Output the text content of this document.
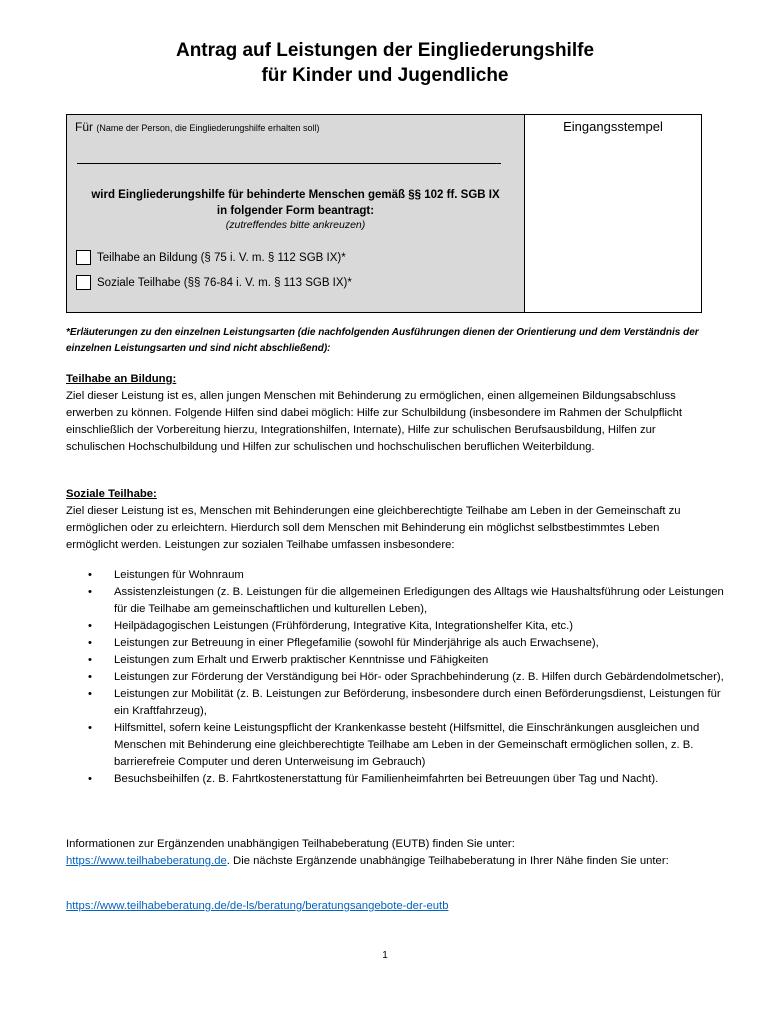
Antrag auf Leistungen der Eingliederungshilfe
für Kinder und Jugendliche
Für (Name der Person, die Eingliederungshilfe erhalten soll)
wird Eingliederungshilfe für behinderte Menschen gemäß §§ 102 ff. SGB IX
in folgender Form beantragt:
(zutreffendes bitte ankreuzen)
Teilhabe an Bildung (§ 75 i. V. m. § 112 SGB IX)*
Soziale Teilhabe (§§ 76-84 i. V. m. § 113 SGB IX)*
Eingangsstempel
*Erläuterungen zu den einzelnen Leistungsarten (die nachfolgenden Ausführungen dienen der Orientierung und dem Verständnis der einzelnen Leistungsarten und sind nicht abschließend):
Teilhabe an Bildung:
Ziel dieser Leistung ist es, allen jungen Menschen mit Behinderung zu ermöglichen, einen allgemeinen Bildungsabschluss erwerben zu können. Folgende Hilfen sind dabei möglich: Hilfe zur Schulbildung (insbesondere im Rahmen der Schulpflicht einschließlich der Vorbereitung hierzu, Integrationshilfen, Internate), Hilfe zur schulischen Berufsausbildung, Hilfen zur schulischen Hochschulbildung und Hilfen zur schulischen und hochschulischen beruflichen Weiterbildung.
Soziale Teilhabe:
Ziel dieser Leistung ist es, Menschen mit Behinderungen eine gleichberechtigte Teilhabe am Leben in der Gemeinschaft zu ermöglichen oder zu erleichtern. Hierdurch soll dem Menschen mit Behinderung ein möglichst selbstbestimmtes Leben ermöglicht werden. Leistungen zur sozialen Teilhabe umfassen insbesondere:
• Leistungen für Wohnraum
• Assistenzleistungen (z. B. Leistungen für die allgemeinen Erledigungen des Alltags wie Haushaltsführung oder Leistungen für die Teilhabe am gemeinschaftlichen und kulturellen Leben),
• Heilpädagogischen Leistungen (Frühförderung, Integrative Kita, Integrationshelfer Kita, etc.)
• Leistungen zur Betreuung in einer Pflegefamilie (sowohl für Minderjährige als auch Erwachsene),
• Leistungen zum Erhalt und Erwerb praktischer Kenntnisse und Fähigkeiten
• Leistungen zur Förderung der Verständigung bei Hör- oder Sprachbehinderung (z. B. Hilfen durch Gebärdendolmetscher),
• Leistungen zur Mobilität (z. B. Leistungen zur Beförderung, insbesondere durch einen Beförderungsdienst, Leistungen für ein Kraftfahrzeug),
• Hilfsmittel, sofern keine Leistungspflicht der Krankenkasse besteht (Hilfsmittel, die Einschränkungen ausgleichen und Menschen mit Behinderung eine gleichberechtigte Teilhabe am Leben in der Gemeinschaft ermöglichen sollen, z. B. barrierefreie Computer und deren Unterweisung im Gebrauch)
• Besuchsbeihilfen (z. B. Fahrtkostenerstattung für Familienheimfahrten bei Betreuungen über Tag und Nacht).
Informationen zur Ergänzenden unabhängigen Teilhabeberatung (EUTB) finden Sie unter:
https://www.teilhabeberatung.de. Die nächste Ergänzende unabhängige Teilhabeberatung in Ihrer Nähe finden Sie unter:
https://www.teilhabeberatung.de/de-ls/beratung/beratungsangebote-der-eutb
1
